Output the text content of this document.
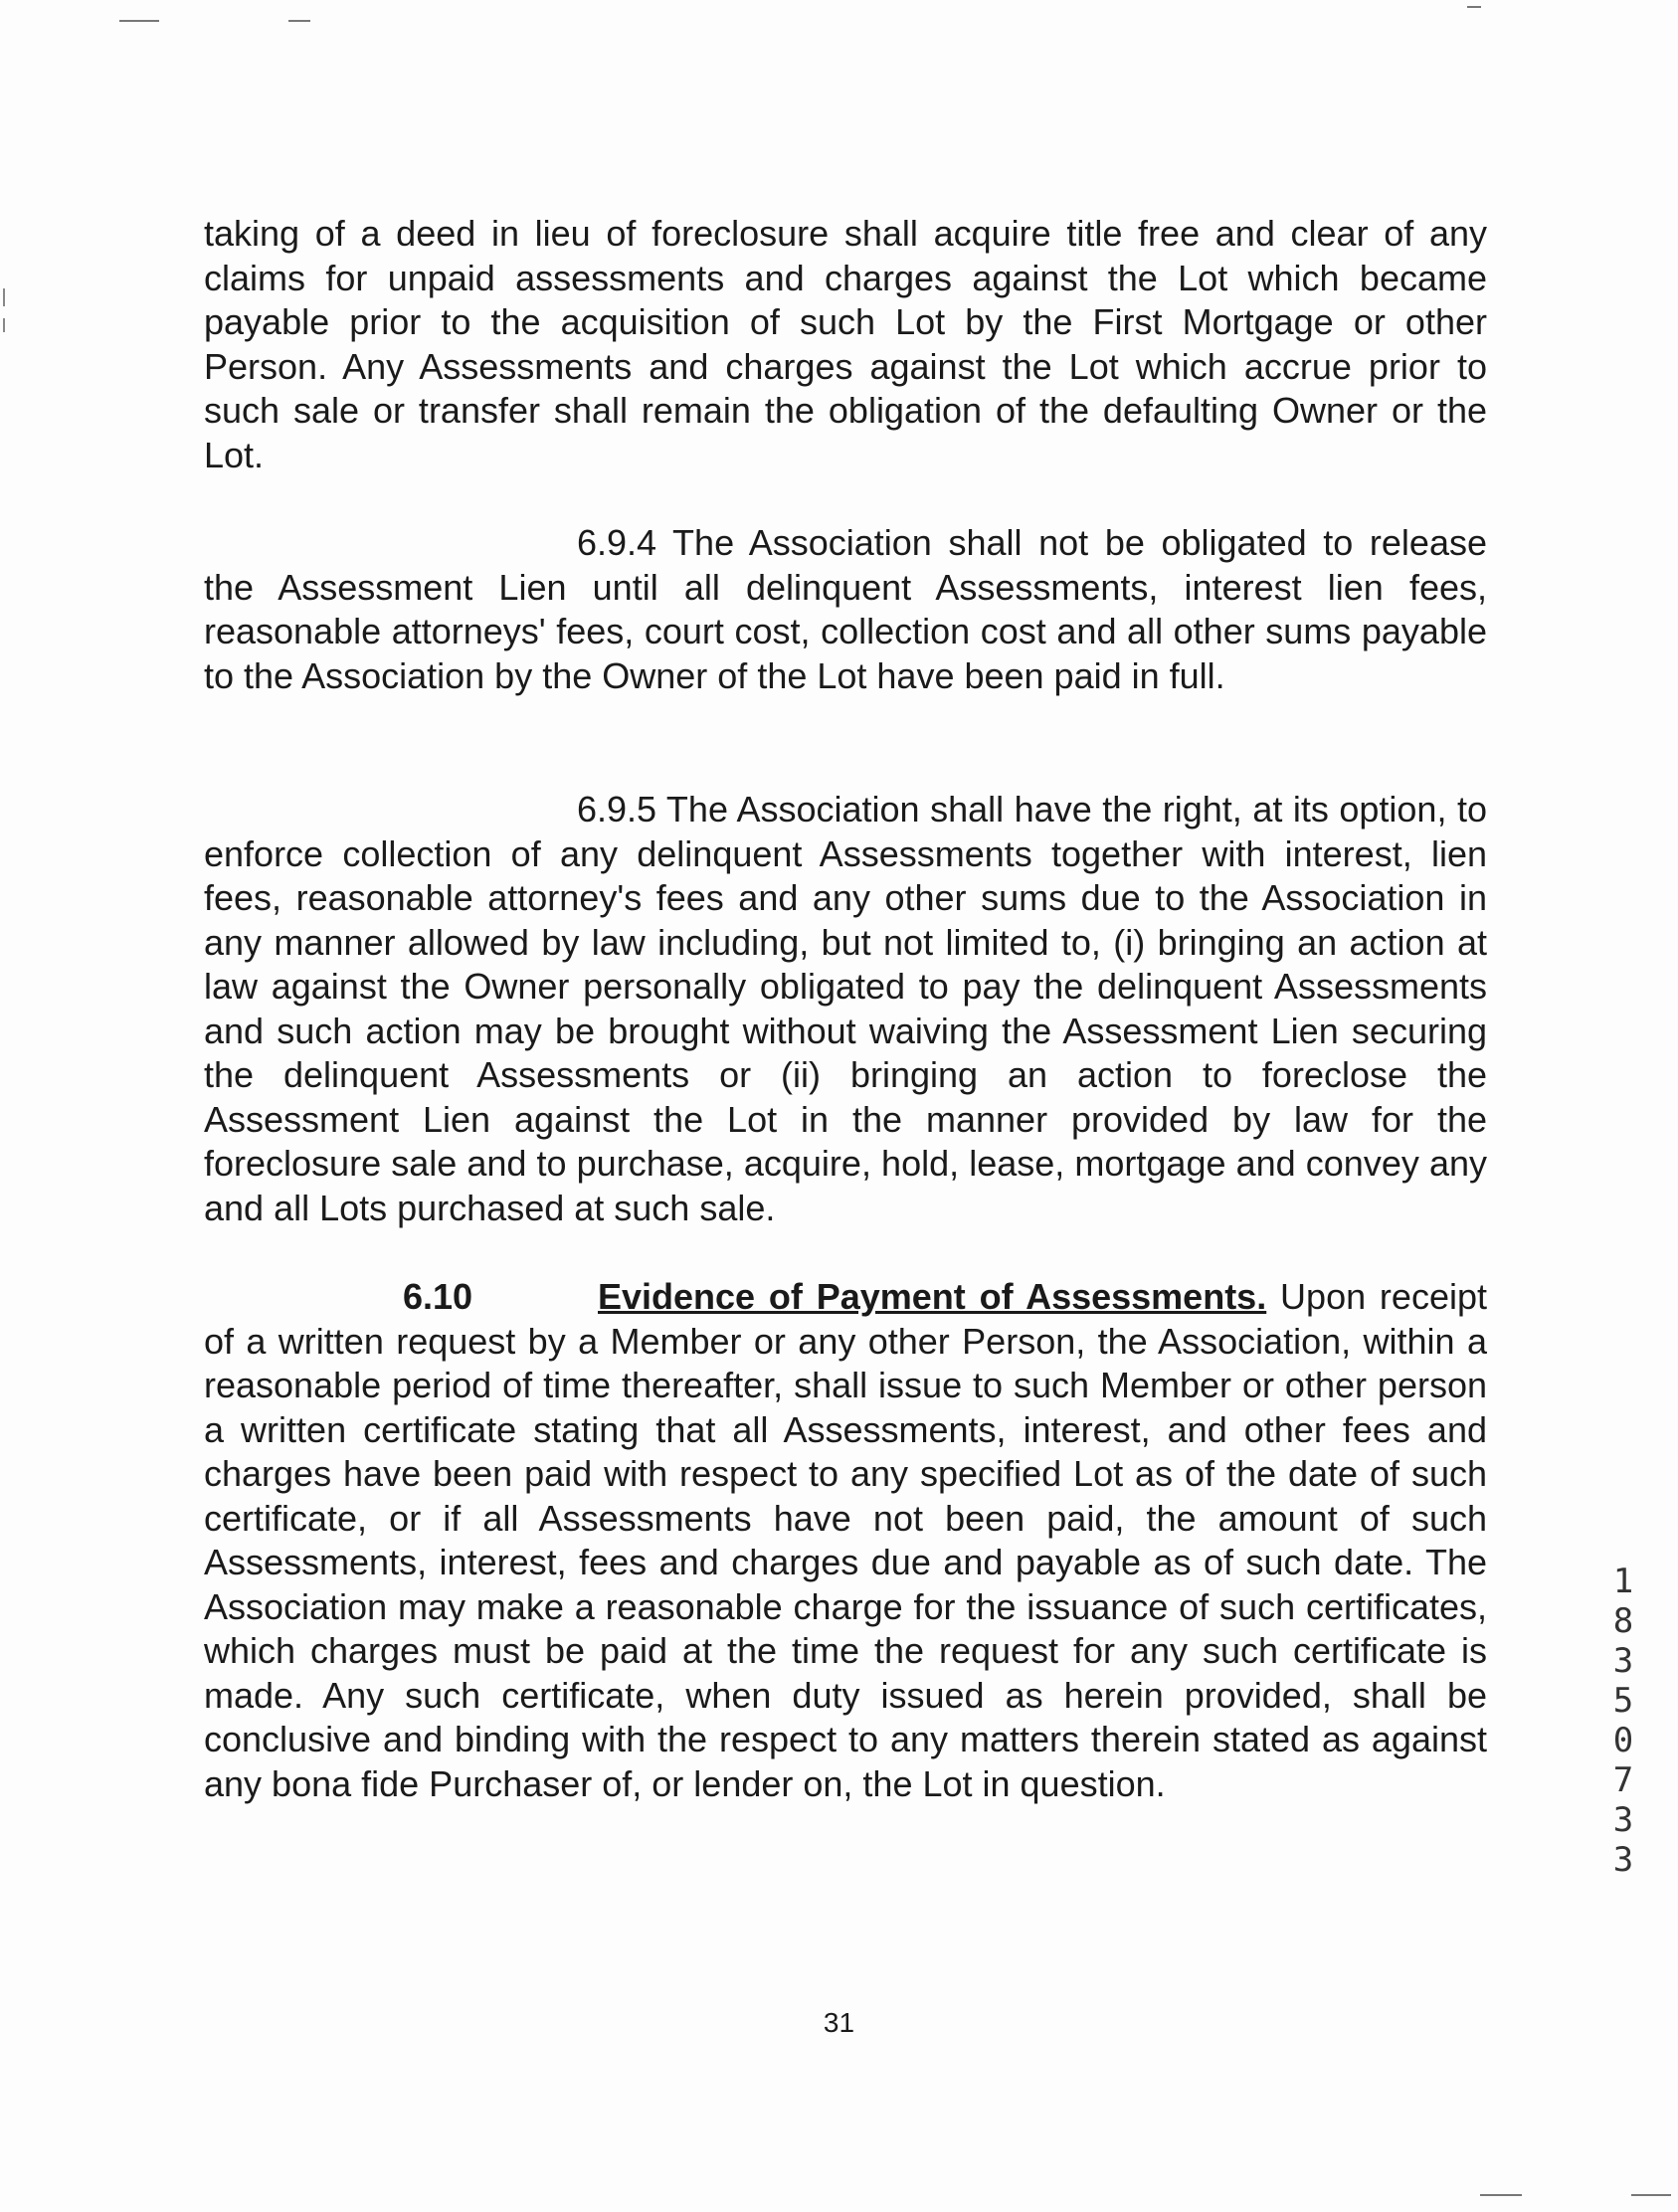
taking of a deed in lieu of foreclosure shall acquire title free and clear of any claims for unpaid assessments and charges against the Lot which became payable prior to the acquisition of such Lot by the First Mortgage or other Person. Any Assessments and charges against the Lot which accrue prior to such sale or transfer shall remain the obligation of the defaulting Owner or the Lot.

6.9.4 The Association shall not be obligated to release the Assessment Lien until all delinquent Assessments, interest lien fees, reasonable attorneys' fees, court cost, collection cost and all other sums payable to the Association by the Owner of the Lot have been paid in full.

6.9.5 The Association shall have the right, at its option, to enforce collection of any delinquent Assessments together with interest, lien fees, reasonable attorney's fees and any other sums due to the Association in any manner allowed by law including, but not limited to, (i) bringing an action at law against the Owner personally obligated to pay the delinquent Assessments and such action may be brought without waiving the Assessment Lien securing the delinquent Assessments or (ii) bringing an action to foreclose the Assessment Lien against the Lot in the manner provided by law for the foreclosure sale and to purchase, acquire, hold, lease, mortgage and convey any and all Lots purchased at such sale.

6.10	Evidence of Payment of Assessments. Upon receipt of a written request by a Member or any other Person, the Association, within a reasonable period of time thereafter, shall issue to such Member or other person a written certificate stating that all Assessments, interest, and other fees and charges have been paid with respect to any specified Lot as of the date of such certificate, or if all Assessments have not been paid, the amount of such Assessments, interest, fees and charges due and payable as of such date. The Association may make a reasonable charge for the issuance of such certificates, which charges must be paid at the time the request for any such certificate is made. Any such certificate, when duty issued as herein provided, shall be conclusive and binding with the respect to any matters therein stated as against any bona fide Purchaser of, or lender on, the Lot in question.

31
1835 0733
